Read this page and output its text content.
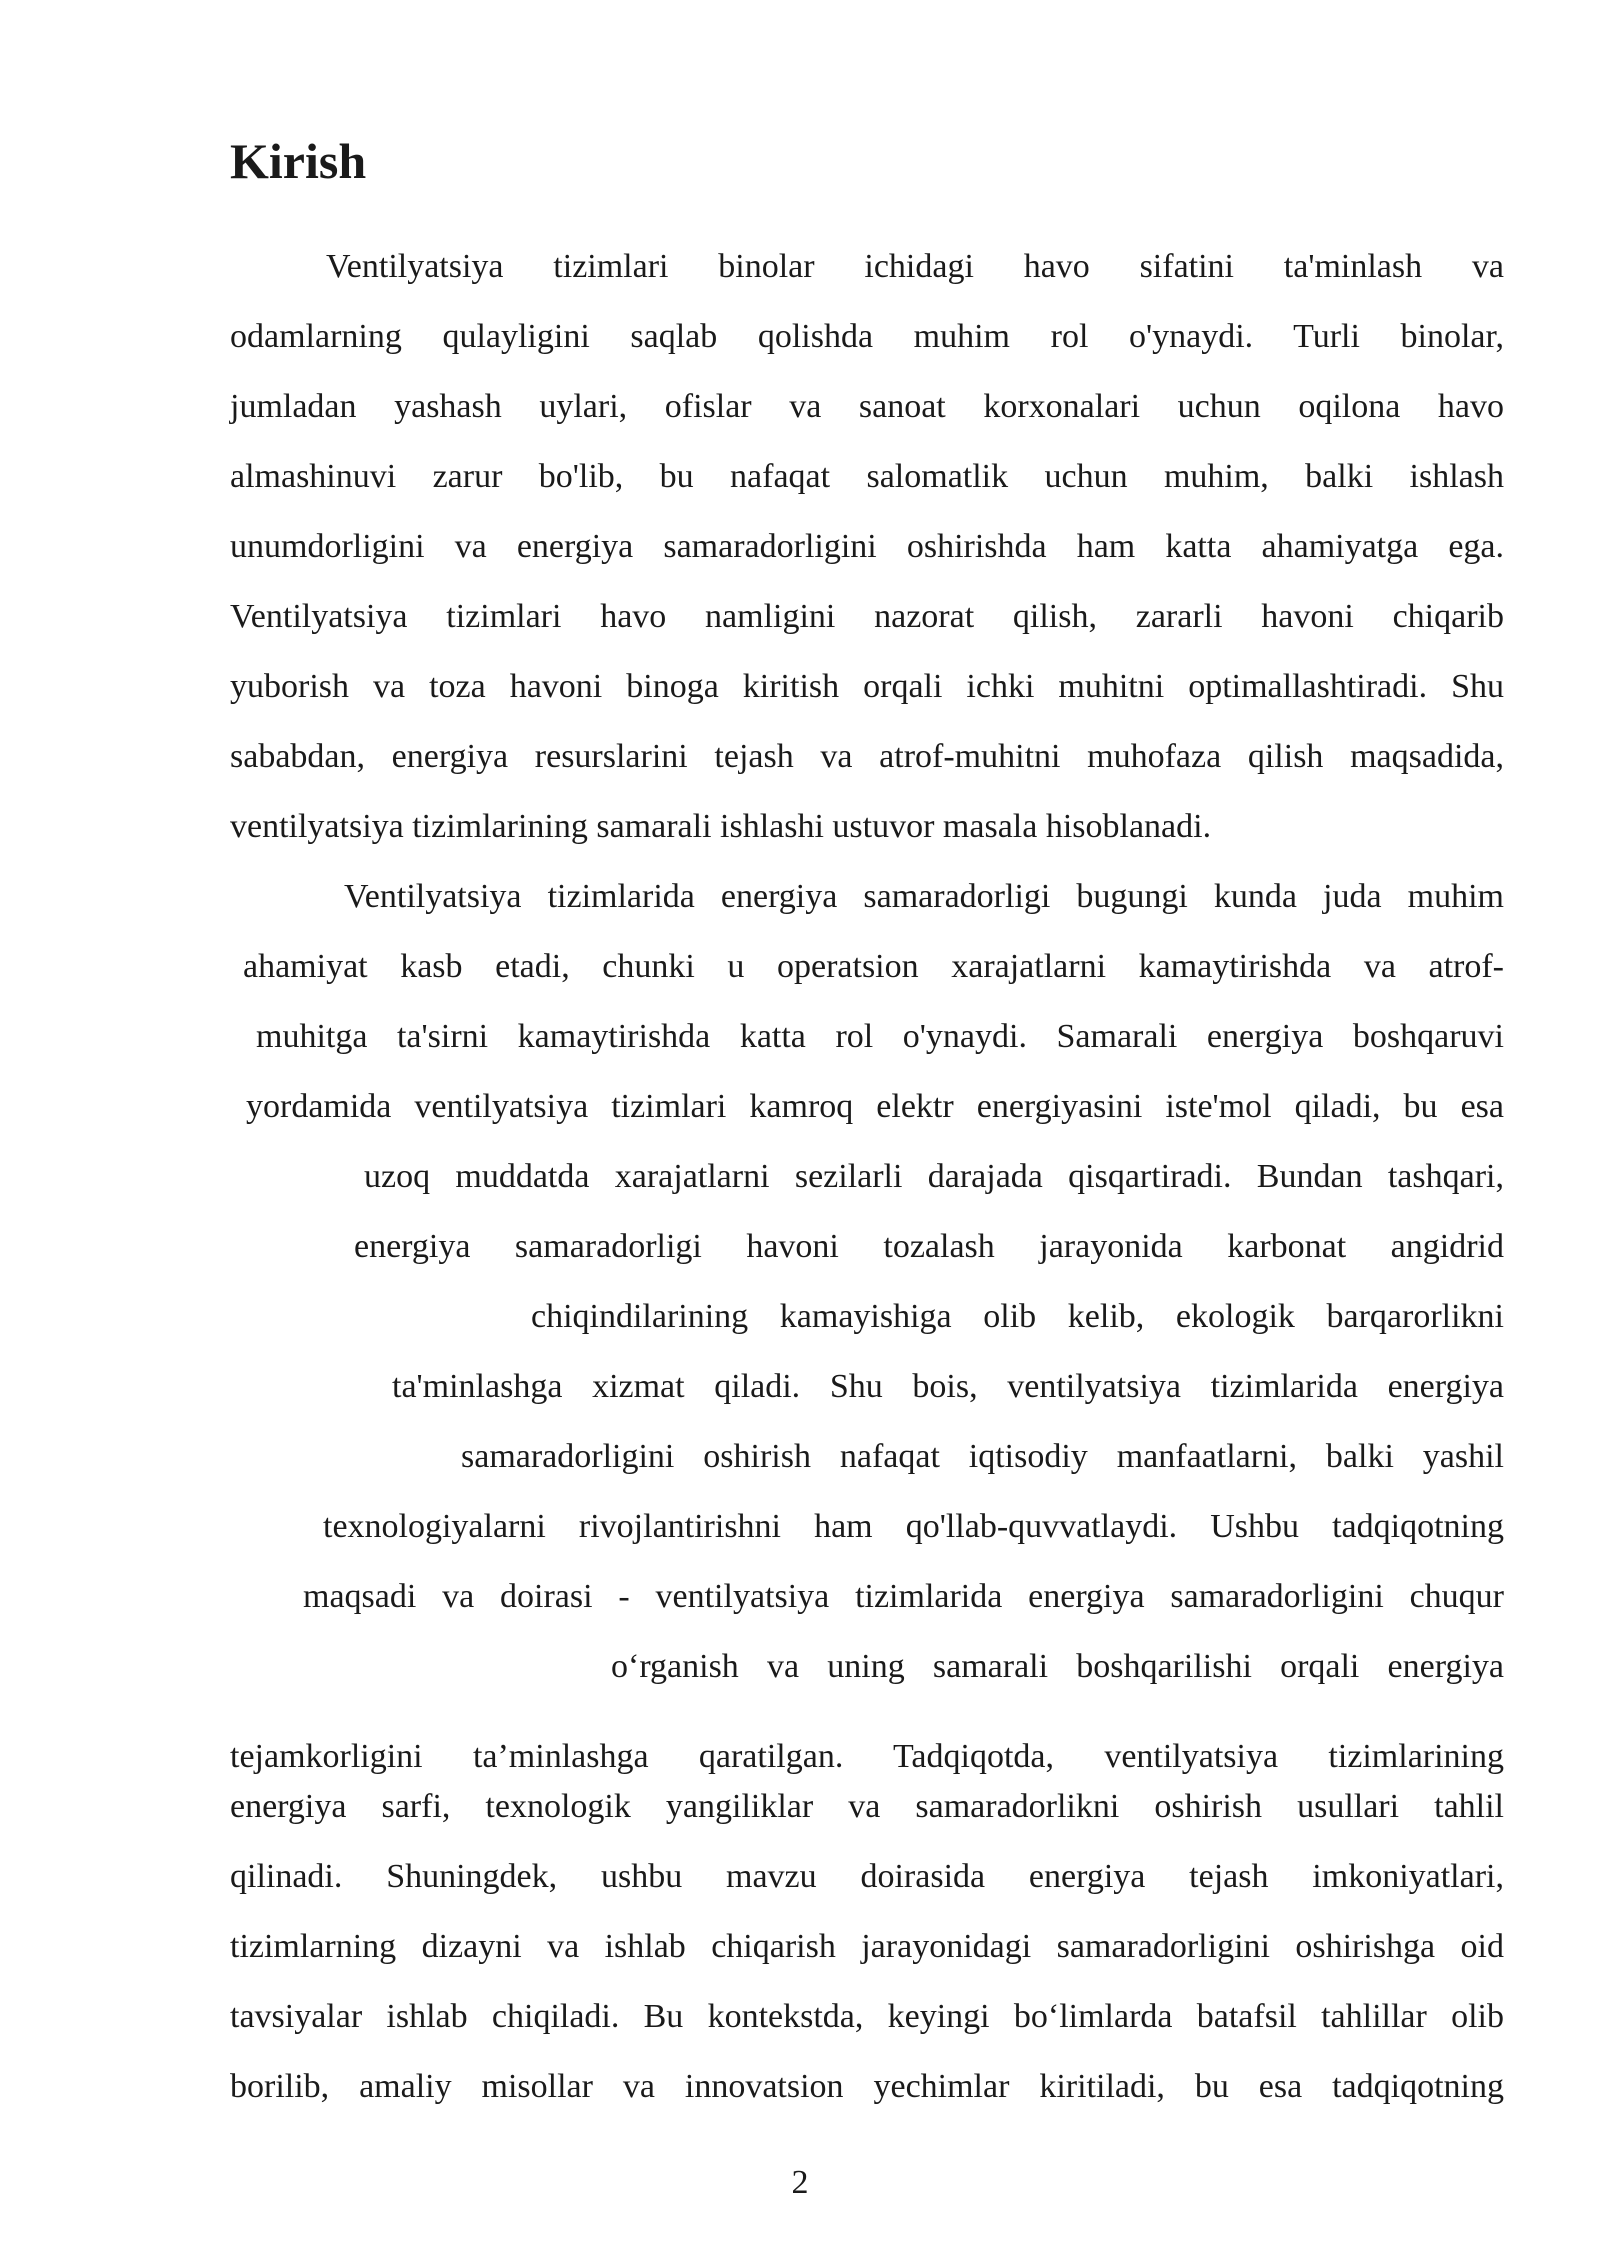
Kirish

Ventilyatsiya tizimlari binolar ichidagi havo sifatini ta'minlash va

odamlarning qulayligini saqlab qolishda muhim rol o'ynaydi. Turli binolar,

jumladan yashash uylari, ofislar va sanoat korxonalari uchun oqilona havo

almashinuvi zarur bo'lib, bu nafaqat salomatlik uchun muhim, balki ishlash

unumdorligini va energiya samaradorligini oshirishda ham katta ahamiyatga ega.

Ventilyatsiya tizimlari havo namligini nazorat qilish, zararli havoni chiqarib

yuborish va toza havoni binoga kiritish orqali ichki muhitni optimallashtiradi. Shu

sababdan, energiya resurslarini tejash va atrof-muhitni muhofaza qilish maqsadida,

ventilyatsiya tizimlarining samarali ishlashi ustuvor masala hisoblanadi.

Ventilyatsiya tizimlarida energiya samaradorligi bugungi kunda juda muhim

ahamiyat kasb etadi, chunki u operatsion xarajatlarni kamaytirishda va atrof-

muhitga ta'sirni kamaytirishda katta rol o'ynaydi. Samarali energiya boshqaruvi

yordamida ventilyatsiya tizimlari kamroq elektr energiyasini iste'mol qiladi, bu esa

uzoq muddatda xarajatlarni sezilarli darajada qisqartiradi. Bundan tashqari,

energiya samaradorligi havoni tozalash jarayonida karbonat angidrid

chiqindilarining kamayishiga olib kelib, ekologik barqarorlikni

ta'minlashga xizmat qiladi. Shu bois, ventilyatsiya tizimlarida energiya

samaradorligini oshirish nafaqat iqtisodiy manfaatlarni, balki yashil

texnologiyalarni rivojlantirishni ham qo'llab-quvvatlaydi. Ushbu tadqiqotning

maqsadi va doirasi - ventilyatsiya tizimlarida energiya samaradorligini chuqur

o‘rganish va uning samarali boshqarilishi orqali energiya

tejamkorligini ta’minlashga qaratilgan. Tadqiqotda, ventilyatsiya tizimlarining

energiya sarfi, texnologik yangiliklar va samaradorlikni oshirish usullari tahlil

qilinadi. Shuningdek, ushbu mavzu doirasida energiya tejash imkoniyatlari,

tizimlarning dizayni va ishlab chiqarish jarayonidagi samaradorligini oshirishga oid

tavsiyalar ishlab chiqiladi. Bu kontekstda, keyingi bo‘limlarda batafsil tahlillar olib

borilib, amaliy misollar va innovatsion yechimlar kiritiladi, bu esa tadqiqotning

2
